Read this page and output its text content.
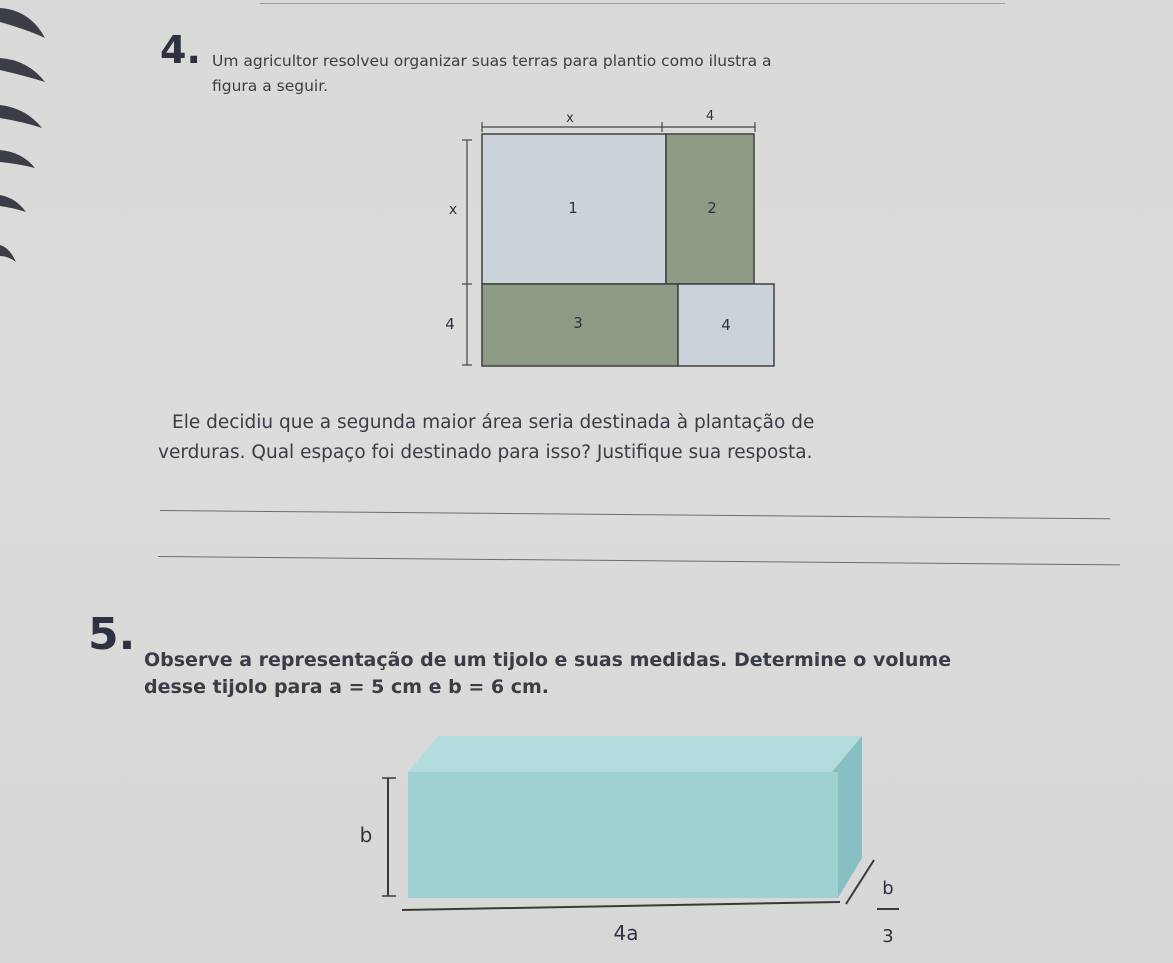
4. Um agricultor resolveu organizar suas terras para plantio como ilustra a

figura a seguir.

x	4
x
4
1	2
3	4

Ele decidiu que a segunda maior área seria destinada à plantação de

verduras. Qual espaço foi destinado para isso? Justifique sua resposta.

5. Observe a representação de um tijolo e suas medidas. Determine o volume

desse tijolo para a = 5 cm e b = 6 cm.

b
4a
b
3
